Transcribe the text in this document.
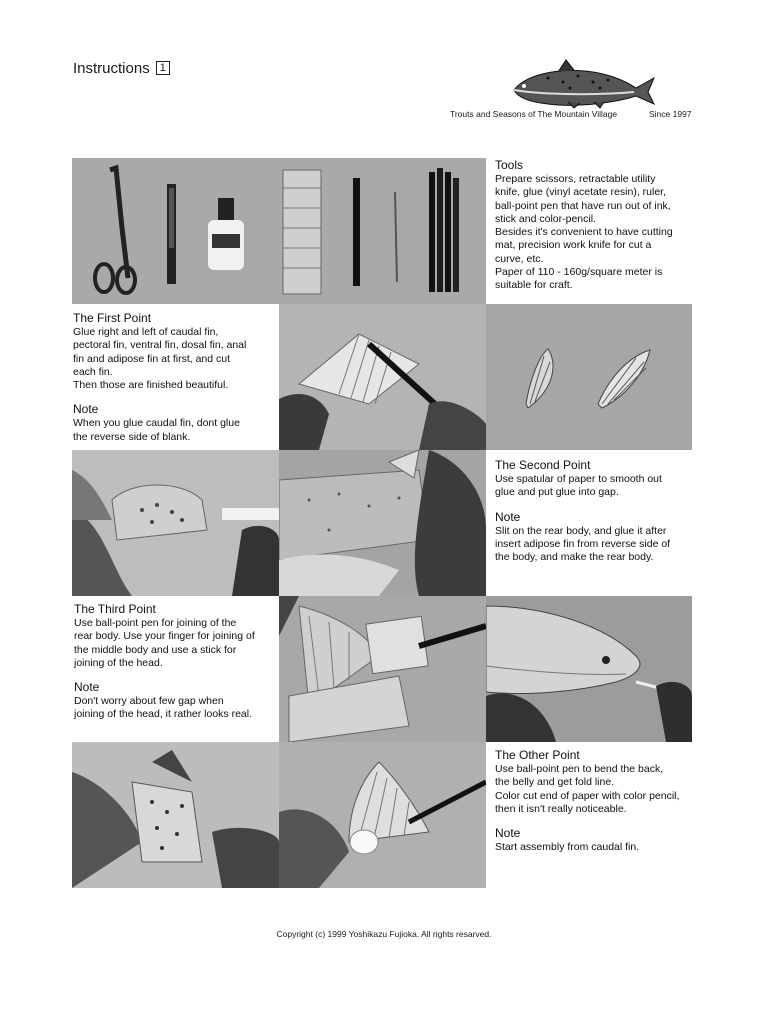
Instructions 1
Trouts and Seasons of The Mountain Village	Since 1997
Tools
Prepare scissors, retractable utility
knife, glue (vinyl acetate resin), ruler,
ball-point pen that have run out of ink,
stick and color-pencil.
Besides it's convenient to have cutting
mat, precision work knife for cut a
curve, etc.
Paper of 110 - 160g/square meter is
suitable for craft.
The First Point
Glue right and left of caudal fin,
pectoral fin, ventral fin, dosal fin, anal
fin and adipose fin at first, and cut
each fin.
Then those are finished beautiful.
Note
When you glue caudal fin, dont glue
the reverse side of blank.
The Second Point
Use spatular of paper to smooth out
glue and put glue into gap.
Note
Slit on the rear body, and glue it after
insert adipose fin from reverse side of
the body, and make the rear body.
The Third Point
Use ball-point pen for joining of the
rear body. Use your finger for joining of
the middle body and use a stick for
joining of the head.
Note
Don't worry about few gap when
joining of the head, it rather looks real.
The Other Point
Use ball-point pen to bend the back,
the belly and get fold line.
Color cut end of paper with color pencil,
then it isn't really noticeable.
Note
Start assembly from caudal fin.
Copyright (c) 1999 Yoshikazu Fujioka. All rights resarved.
